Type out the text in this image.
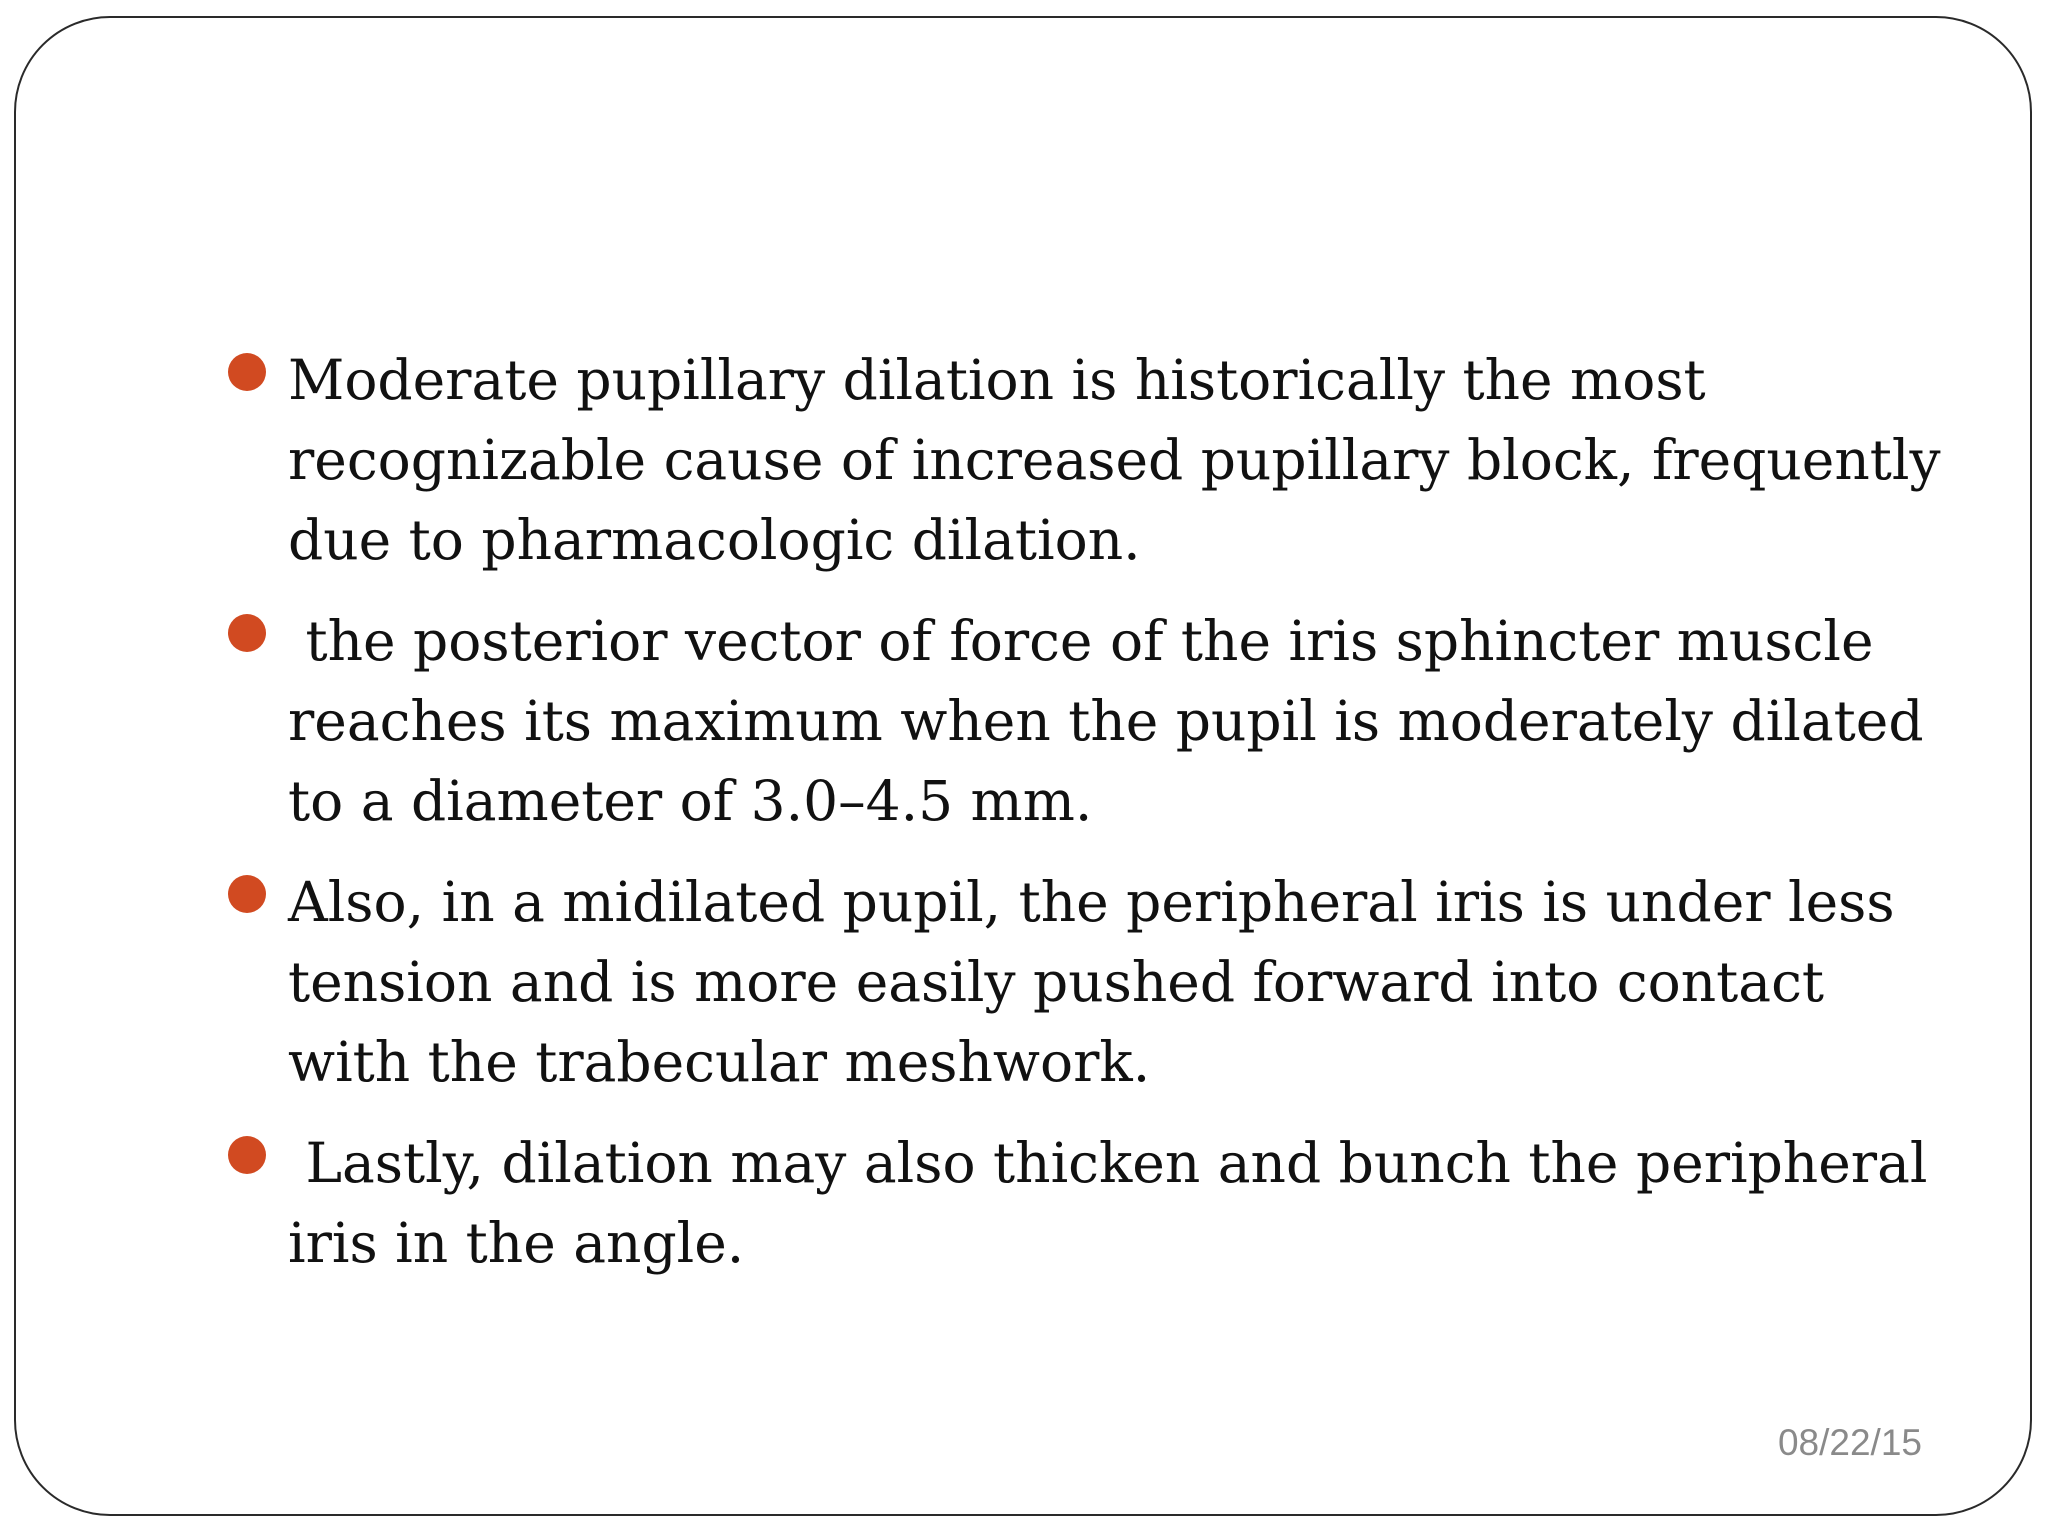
Moderate pupillary dilation is historically the most recognizable cause of increased pupillary block, frequently due to pharmacologic dilation.
the posterior vector of force of the iris sphincter muscle reaches its maximum when the pupil is moderately dilated to a diameter of 3.0–4.5 mm.
Also, in a midilated pupil, the peripheral iris is under less tension and is more easily pushed forward into contact with the trabecular meshwork.
Lastly, dilation may also thicken and bunch the peripheral iris in the angle.
08/22/15
